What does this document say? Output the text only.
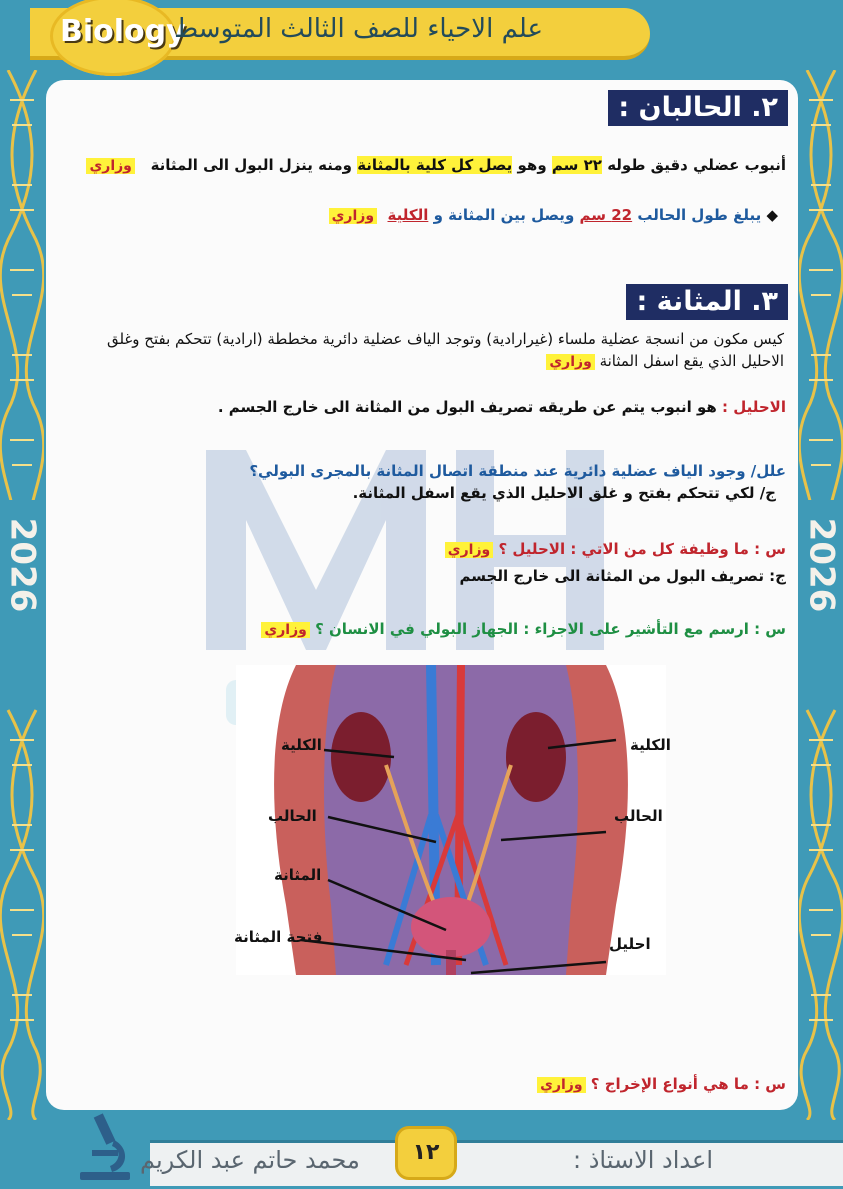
2026	2026
Biology
علم الاحياء للصف الثالث المتوسط
٢. الحالبان :
أنبوب عضلي دقيق طوله ٢٢ سم وهو يصل كل كلية بالمثانة ومنه ينزل البول الى المثانة   وزاري
◆ يبلغ طول الحالب 22 سم ويصل بين المثانة و الكلية  وزاري
٣. المثانة :
كيس مكون من انسجة عضلية ملساء (غيرارادية) وتوجد الياف عضلية دائرية مخططة (ارادية) تتحكم بفتح وغلق
الاحليل الذي يقع اسفل المثانة وزاري
الاحليل : هو انبوب يتم عن طريقه تصريف البول من المثانة الى خارج الجسم .
علل/ وجود الياف عضلية دائرية عند منطقة اتصال المثانة بالمجرى البولي؟
ج/ لكي تتحكم بفتح و غلق الاحليل الذي يقع اسفل المثانة.
س : ما وظيفة كل من الاتي : الاحليل ؟ وزاري
ج: تصريف البول من المثانة الى خارج الجسم
س : ارسم مع التأشير على الاجزاء : الجهاز البولي في الانسان ؟ وزاري
الكلية	الكلية
الحالب	الحالب
المثانة
فتحة المثانة	احليل
س : ما هي أنواع الإخراج ؟ وزاري
محمد حاتم عبد الكريم	١٢	اعداد الاستاذ :
